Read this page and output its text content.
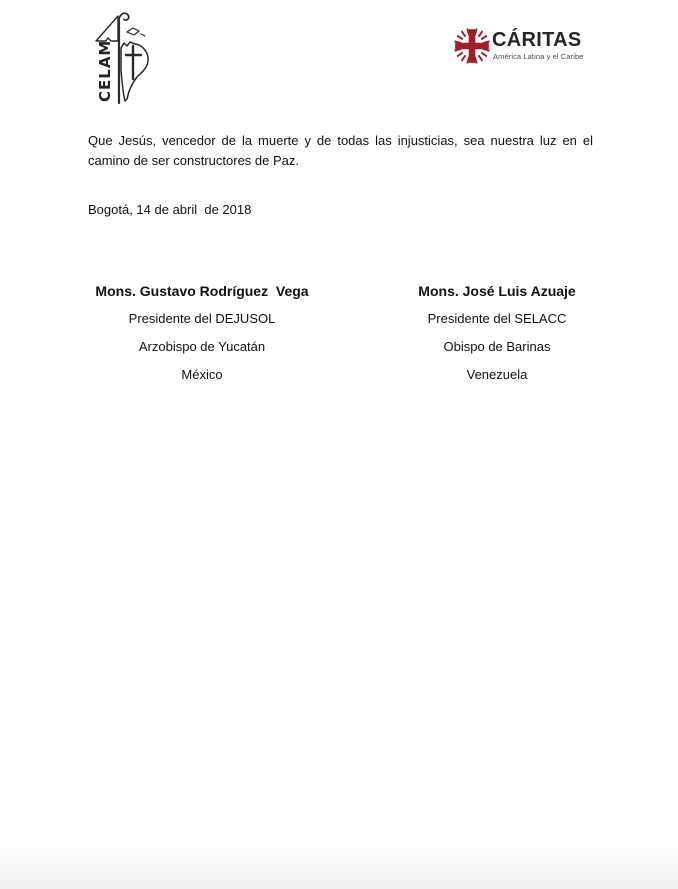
CELAM	CÁRITAS
América Latina y el Caribe
Que Jesús, vencedor de la muerte y de todas las injusticias, sea nuestra luz en el
camino de ser constructores de Paz.
Bogotá, 14 de abril  de 2018
Mons. Gustavo Rodríguez  Vega
Presidente del DEJUSOL
Arzobispo de Yucatán
México
Mons. José Luis Azuaje
Presidente del SELACC
Obispo de Barinas
Venezuela
